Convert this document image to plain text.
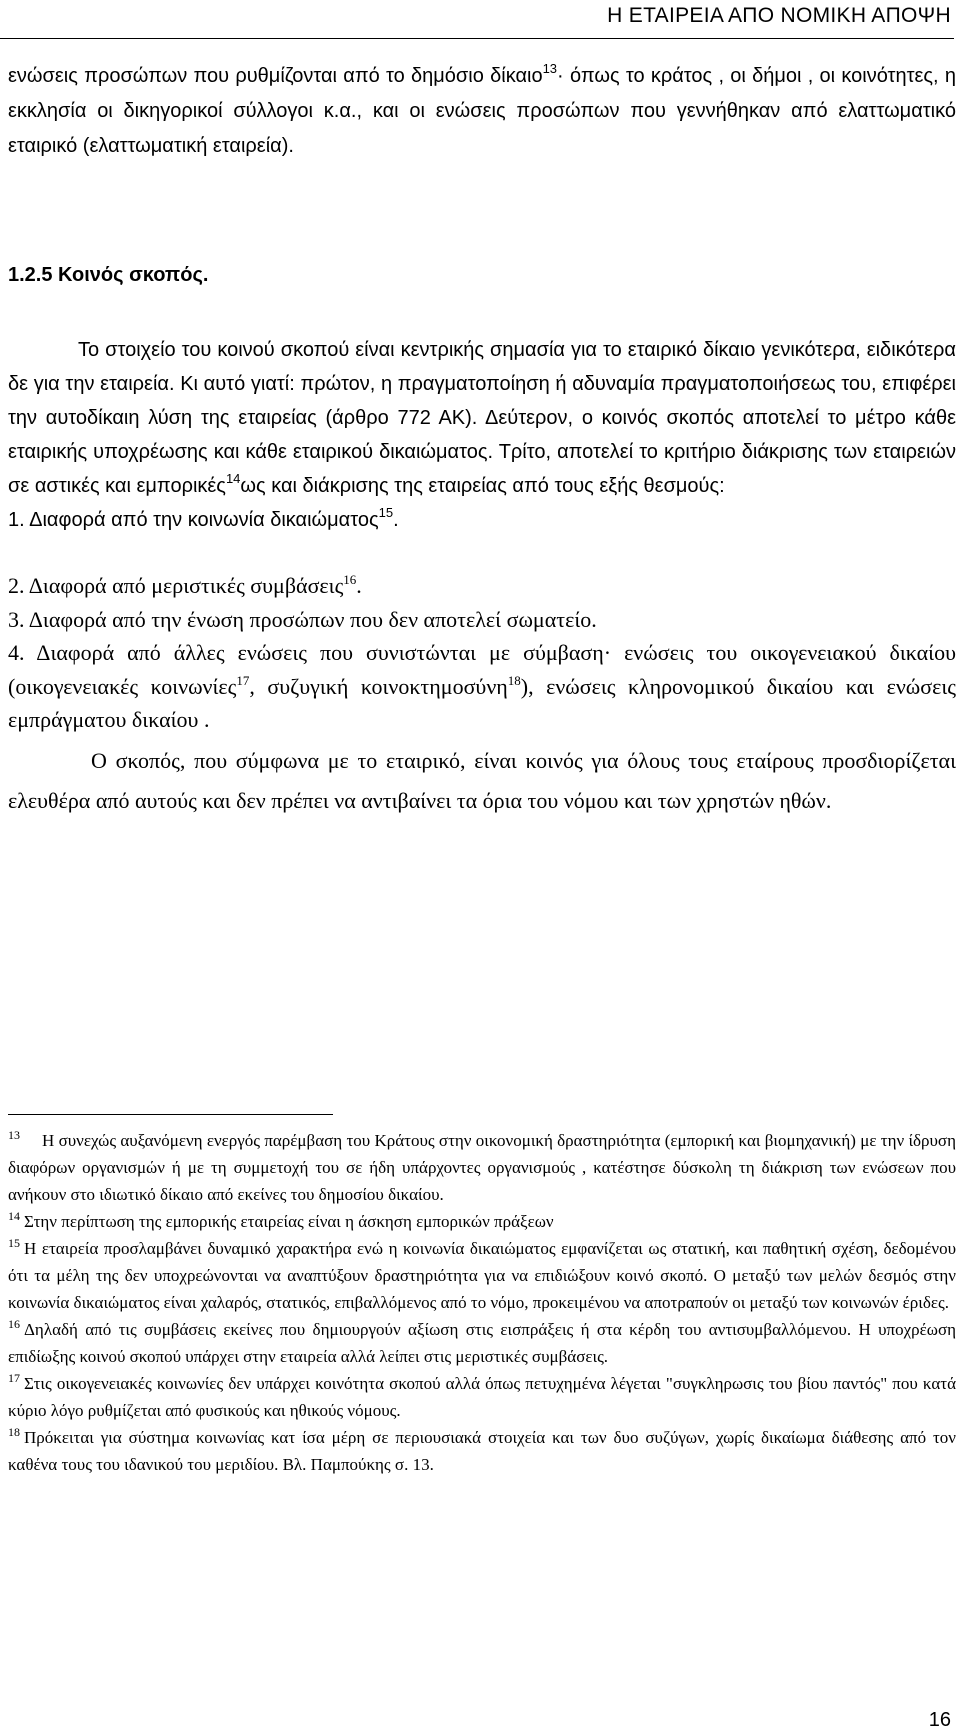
Η ΕΤΑΙΡΕΙΑ ΑΠΟ ΝΟΜΙΚΗ ΑΠΟΨΗ

ενώσεις προσώπων που ρυθμίζονται από το δημόσιο δίκαιο$^{13}$· όπως το κράτος , οι δήμοι , οι κοινότητες, η εκκλησία οι δικηγορικοί σύλλογοι κ.α., και οι ενώσεις προσώπων που γεννήθηκαν από ελαττωματικό εταιρικό (ελαττωματική εταιρεία).

1.2.5 Κοινός σκοπός.

Το στοιχείο του κοινού σκοπού είναι κεντρικής σημασία για το εταιρικό δίκαιο γενικότερα, ειδικότερα δε για την εταιρεία. Κι αυτό γιατί: πρώτον, η πραγματοποίηση ή αδυναμία πραγματοποιήσεως του, επιφέρει την αυτοδίκαιη λύση της εταιρείας (άρθρο 772 ΑΚ). Δεύτερον, ο κοινός σκοπός αποτελεί το μέτρο κάθε εταιρικής υποχρέωσης και κάθε εταιρικού δικαιώματος. Τρίτο, αποτελεί το κριτήριο διάκρισης των εταιρειών σε αστικές και εμπορικές$^{14}$ως και διάκρισης της εταιρείας από τους εξής θεσμούς:

1. Διαφορά από την κοινωνία δικαιώματος$^{15}$.

2. Διαφορά από μεριστικές συμβάσεις$^{16}$.

3. Διαφορά από την ένωση προσώπων που δεν αποτελεί σωματείο.

4. Διαφορά από άλλες ενώσεις που συνιστώνται με σύμβαση· ενώσεις του οικογενειακού δικαίου (οικογενειακές κοινωνίες$^{17}$, συζυγική κοινοκτημοσύνη$^{18}$), ενώσεις κληρονομικού δικαίου και ενώσεις εμπράγματου δικαίου .

Ο σκοπός, που σύμφωνα με το εταιρικό, είναι κοινός για όλους τους εταίρους προσδιορίζεται ελευθέρα από αυτούς και δεν πρέπει να αντιβαίνει τα όρια του νόμου και των χρηστών ηθών.

$^{13}$ Η συνεχώς αυξανόμενη ενεργός παρέμβαση του Κράτους στην οικονομική δραστηριότητα (εμπορική και βιομηχανική) με την ίδρυση διαφόρων οργανισμών ή με τη συμμετοχή του σε ήδη υπάρχοντες οργανισμούς , κατέστησε δύσκολη τη διάκριση των ενώσεων που ανήκουν στο ιδιωτικό δίκαιο από εκείνες του δημοσίου δικαίου.

$^{14}$ Στην περίπτωση της εμπορικής εταιρείας είναι η άσκηση εμπορικών πράξεων

$^{15}$ Η εταιρεία προσλαμβάνει δυναμικό χαρακτήρα ενώ η κοινωνία δικαιώματος εμφανίζεται ως στατική, και παθητική σχέση, δεδομένου ότι τα μέλη της δεν υποχρεώνονται να αναπτύξουν δραστηριότητα για να επιδιώξουν κοινό σκοπό. Ο μεταξύ των μελών δεσμός στην κοινωνία δικαιώματος είναι χαλαρός, στατικός, επιβαλλόμενος από το νόμο, προκειμένου να αποτραπούν οι μεταξύ των κοινωνών έριδες.

$^{16}$ Δηλαδή από τις συμβάσεις εκείνες που δημιουργούν αξίωση στις εισπράξεις ή στα κέρδη του αντισυμβαλλόμενου. Η υποχρέωση επιδίωξης κοινού σκοπού υπάρχει στην εταιρεία αλλά λείπει στις μεριστικές συμβάσεις.

$^{17}$ Στις οικογενειακές κοινωνίες δεν υπάρχει κοινότητα σκοπού αλλά όπως πετυχημένα λέγεται "συγκληρωσις του βίου παντός" που κατά κύριο λόγο ρυθμίζεται από φυσικούς και ηθικούς νόμους.

$^{18}$ Πρόκειται για σύστημα κοινωνίας κατ ίσα μέρη σε περιουσιακά στοιχεία και των δυο συζύγων, χωρίς δικαίωμα διάθεσης από τον καθένα τους του ιδανικού του μεριδίου. Βλ. Παμπούκης σ. 13.

16
